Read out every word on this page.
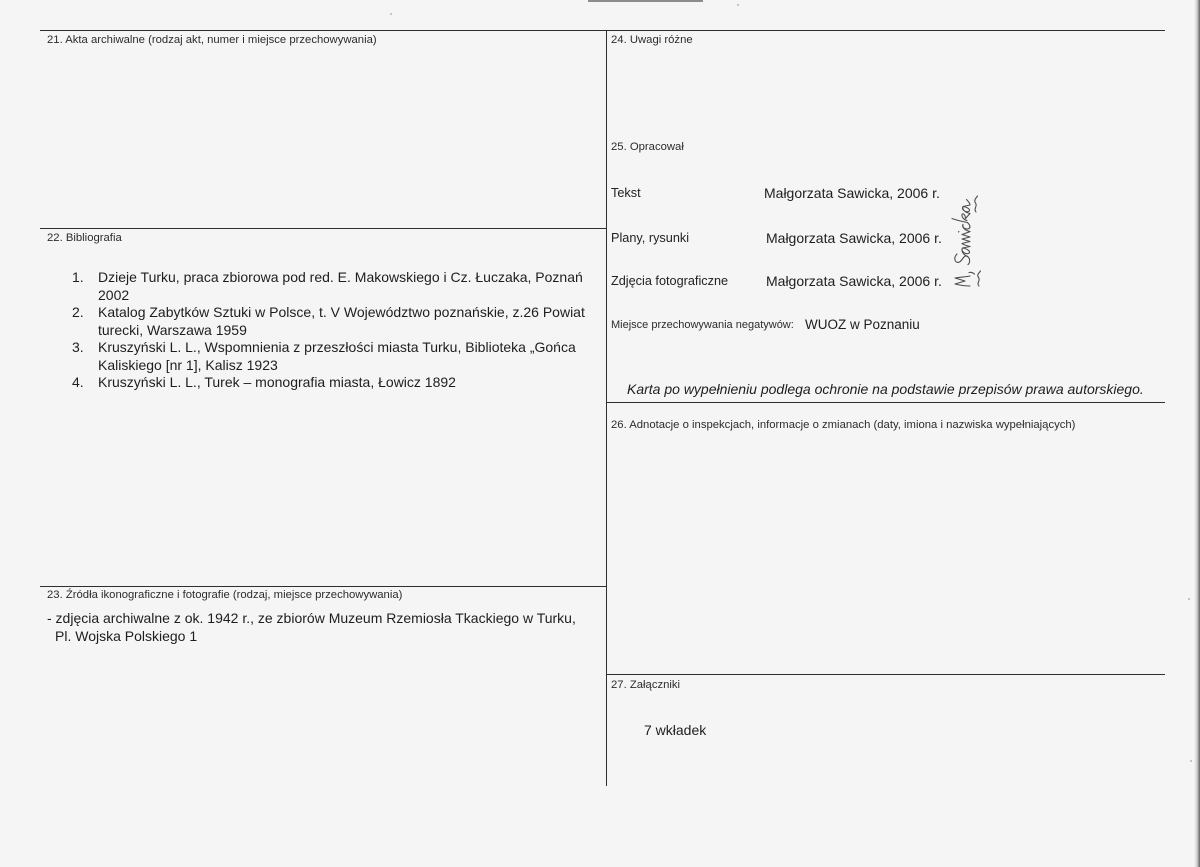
21. Akta archiwalne (rodzaj akt, numer i miejsce przechowywania)
22. Bibliografia
1.	Dzieje Turku, praca zbiorowa pod red. E. Makowskiego i Cz. Łuczaka, Poznań 2002
2.	Katalog Zabytków Sztuki w Polsce, t. V Województwo poznańskie, z.26 Powiat turecki, Warszawa 1959
3.	Kruszyński L. L., Wspomnienia z przeszłości miasta Turku, Biblioteka „Gońca Kaliskiego [nr 1], Kalisz 1923
4.	Kruszyński L. L., Turek – monografia miasta, Łowicz 1892
23. Źródła ikonograficzne i fotografie (rodzaj, miejsce przechowywania)
- zdjęcia archiwalne z ok. 1942 r., ze zbiorów Muzeum Rzemiosła Tkackiego w Turku, Pl. Wojska Polskiego 1
24. Uwagi różne
25. Opracował
Tekst	Małgorzata Sawicka, 2006 r.
Plany, rysunki	Małgorzata Sawicka, 2006 r.
Zdjęcia fotograficzne	Małgorzata Sawicka, 2006 r.
Miejsce przechowywania negatywów: WUOZ w Poznaniu
Karta po wypełnieniu podlega ochronie na podstawie przepisów prawa autorskiego.
26. Adnotacje o inspekcjach, informacje o zmianach (daty, imiona i nazwiska wypełniających)
27. Załączniki
7 wkładek
